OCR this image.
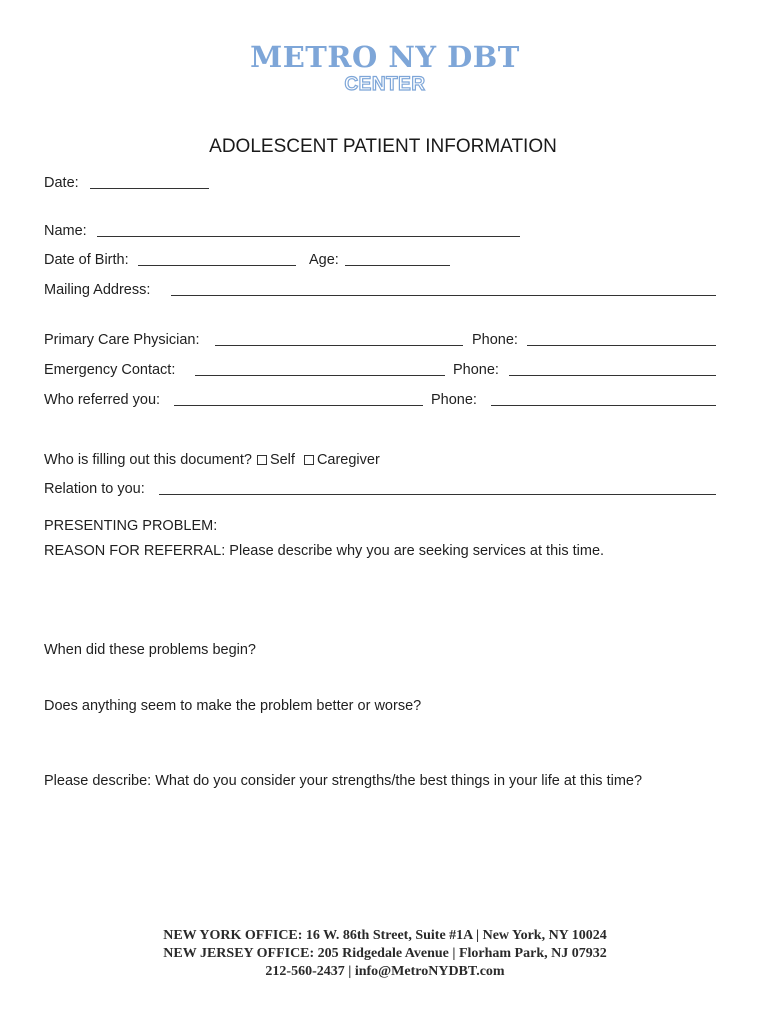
METRO NY DBT
CENTER
ADOLESCENT PATIENT INFORMATION
Date:
Name:
Date of Birth:	Age:
Mailing Address:
Primary Care Physician:	Phone:
Emergency Contact:	Phone:
Who referred you:	Phone:
Who is filling out this document? Self Caregiver
Relation to you:
PRESENTING PROBLEM:
REASON FOR REFERRAL: Please describe why you are seeking services at this time.
When did these problems begin?
Does anything seem to make the problem better or worse?
Please describe: What do you consider your strengths/the best things in your life at this time?
NEW YORK OFFICE: 16 W. 86th Street, Suite #1A | New York, NY 10024
NEW JERSEY OFFICE: 205 Ridgedale Avenue | Florham Park, NJ 07932
212-560-2437 | info@MetroNYDBT.com
